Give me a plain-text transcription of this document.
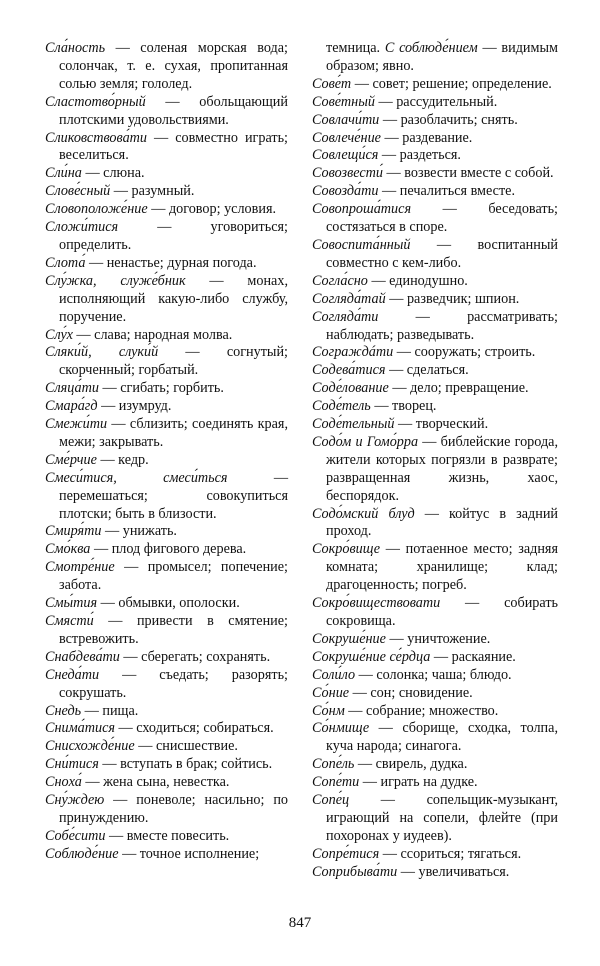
Сла́ность — соленая морская вода; солончак, т. е. сухая, пропитанная солью земля; гололед.

Сластотво́рный — обольщающий плотскими удовольствиями.

Сликовствова́ти — совместно играть; веселиться.

Сли́на — слюна.

Слове́сный — разумный.

Словоположе́ние — договор; условия.

Сложи́тися — уговориться; определить.

Слота́ — ненастье; дурная погода.

Слу́жка, служе́бник — монах, исполняющий какую-либо службу, поручение.

Слу́х — слава; народная молва.

Сляки́й, слуки́й — согнутый; скорченный; горбатый.

Сляца́ти — сгибать; горбить.

Смара́гд — изумруд.

Смежи́ти — сблизить; соединять края, межи; закрывать.

Сме́рчие — кедр.

Смеси́тися, смеси́ться — перемешаться; совокупиться плотски; быть в близости.

Смиря́ти — унижать.

Смо́ква — плод фигового дерева.

Смотре́ние — промысел; попечение; забота.

Смы́тия — обмывки, ополоски.

Смясти́ — привести в смятение; встревожить.

Снабдева́ти — сберегать; сохранять.

Снеда́ти — съедать; разорять; сокрушать.

Снедь — пища.

Снима́тися — сходиться; собираться.

Снисхожде́ние — снисшествие.

Сни́тися — вступать в брак; сойтись.

Снoха́ — жена сына, невестка.

Сну́ждею — поневоле; насильно; по принуждению.

Собе́сити — вместе повесить.

Соблюде́ние — точное исполнение;

темница. С соблюде́нием — видимым образом; явно.

Сове́т — совет; решение; определение.

Сове́тный — рассудительный.

Совлачи́ти — разоблачить; снять.

Совлече́ние — раздевание.

Совлещи́ся — раздеться.

Совозвести́ — возвести вместе с собой.

Совозда́ти — печалиться вместе.

Совопроша́тися — беседовать; состязаться в споре.

Совоспита́нный — воспитанный совместно с кем-либо.

Согла́сно — единодушно.

Согляда́тай — разведчик; шпион.

Согляда́ти — рассматривать; наблюдать; разведывать.

Сограждáти — сооружать; строить.

Содева́тися — сделаться.

Соде́лование — дело; превращение.

Соде́тель — творец.

Соде́тельный — творческий.

Содо́м и Гомо́рра — библейские города, жители которых погрязли в разврате; развращенная жизнь, хаос, беспорядок.

Содо́мский блуд — койтус в задний проход.

Сокро́вище — потаенное место; задняя комната; хранилище; клад; драгоценность; погреб.

Сокро́вищеcтвовати — собирать сокровища.

Сокруше́ние — уничтожение.

Сокруше́ние се́рдца — раскаяние.

Соли́ло — солонка; чаша; блюдо.

Со́ние — сон; сновидение.

Со́нм — собрание; множество.

Со́нмище — сборище, сходка, толпа, куча народа; синагога.

Сопе́ль — свирель, дудка.

Сопе́ти — играть на дудке.

Сопе́ц — сопельщик-музыкант, играющий на сопели, флейте (при похоронах у иудеев).

Сопре́тися — ссориться; тягаться.

Соприбыва́ти — увеличиваться.

847
